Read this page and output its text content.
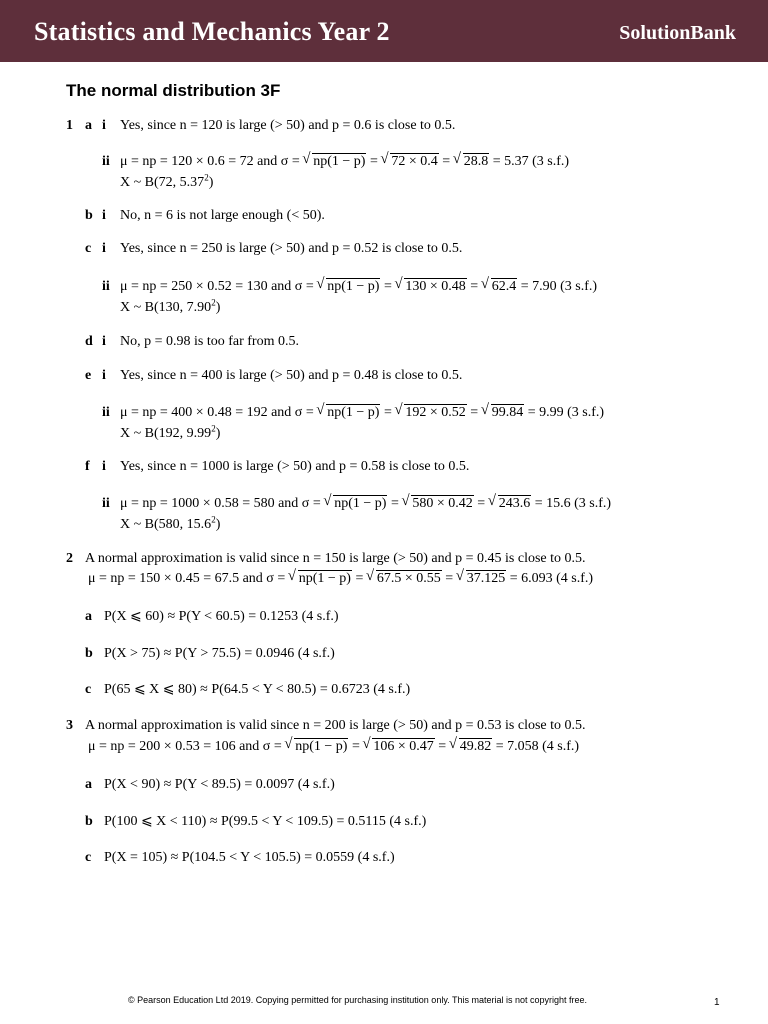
Statistics and Mechanics Year 2	SolutionBank
The normal distribution 3F
1 a i Yes, since n = 120 is large (> 50) and p = 0.6 is close to 0.5.
ii μ = np = 120 × 0.6 = 72 and σ = √ np(1 − p) = √ 72 × 0.4 = √ 28.8 = 5.37 (3 s.f.)
X ~ B(72, 5.37$^2$)
b i No, n = 6 is not large enough (< 50).
c i Yes, since n = 250 is large (> 50) and p = 0.52 is close to 0.5.
ii μ = np = 250 × 0.52 = 130 and σ = √ np(1 − p) = √ 130 × 0.48 = √ 62.4 = 7.90 (3 s.f.)
X ~ B(130, 7.90$^2$)
d i No, p = 0.98 is too far from 0.5.
e i Yes, since n = 400 is large (> 50) and p = 0.48 is close to 0.5.
ii μ = np = 400 × 0.48 = 192 and σ = √ np(1 − p) = √ 192 × 0.52 = √ 99.84 = 9.99 (3 s.f.)
X ~ B(192, 9.99$^2$)
f i Yes, since n = 1000 is large (> 50) and p = 0.58 is close to 0.5.
ii μ = np = 1000 × 0.58 = 580 and σ = √ np(1 − p) = √ 580 × 0.42 = √ 243.6 = 15.6 (3 s.f.)
X ~ B(580, 15.6$^2$)
2 A normal approximation is valid since n = 150 is large (> 50) and p = 0.45 is close to 0.5.
μ = np = 150 × 0.45 = 67.5 and σ = √ np(1 − p) = √ 67.5 × 0.55 = √ 37.125 = 6.093 (4 s.f.)
a P(X ⩽ 60) ≈ P(Y < 60.5) = 0.1253 (4 s.f.)
b P(X > 75) ≈ P(Y > 75.5) = 0.0946 (4 s.f.)
c P(65 ⩽ X ⩽ 80) ≈ P(64.5 < Y < 80.5) = 0.6723 (4 s.f.)
3 A normal approximation is valid since n = 200 is large (> 50) and p = 0.53 is close to 0.5.
μ = np = 200 × 0.53 = 106 and σ = √ np(1 − p) = √ 106 × 0.47 = √ 49.82 = 7.058 (4 s.f.)
a P(X < 90) ≈ P(Y < 89.5) = 0.0097 (4 s.f.)
b P(100 ⩽ X < 110) ≈ P(99.5 < Y < 109.5) = 0.5115 (4 s.f.)
c P(X = 105) ≈ P(104.5 < Y < 105.5) = 0.0559 (4 s.f.)
© Pearson Education Ltd 2019. Copying permitted for purchasing institution only. This material is not copyright free.	1
